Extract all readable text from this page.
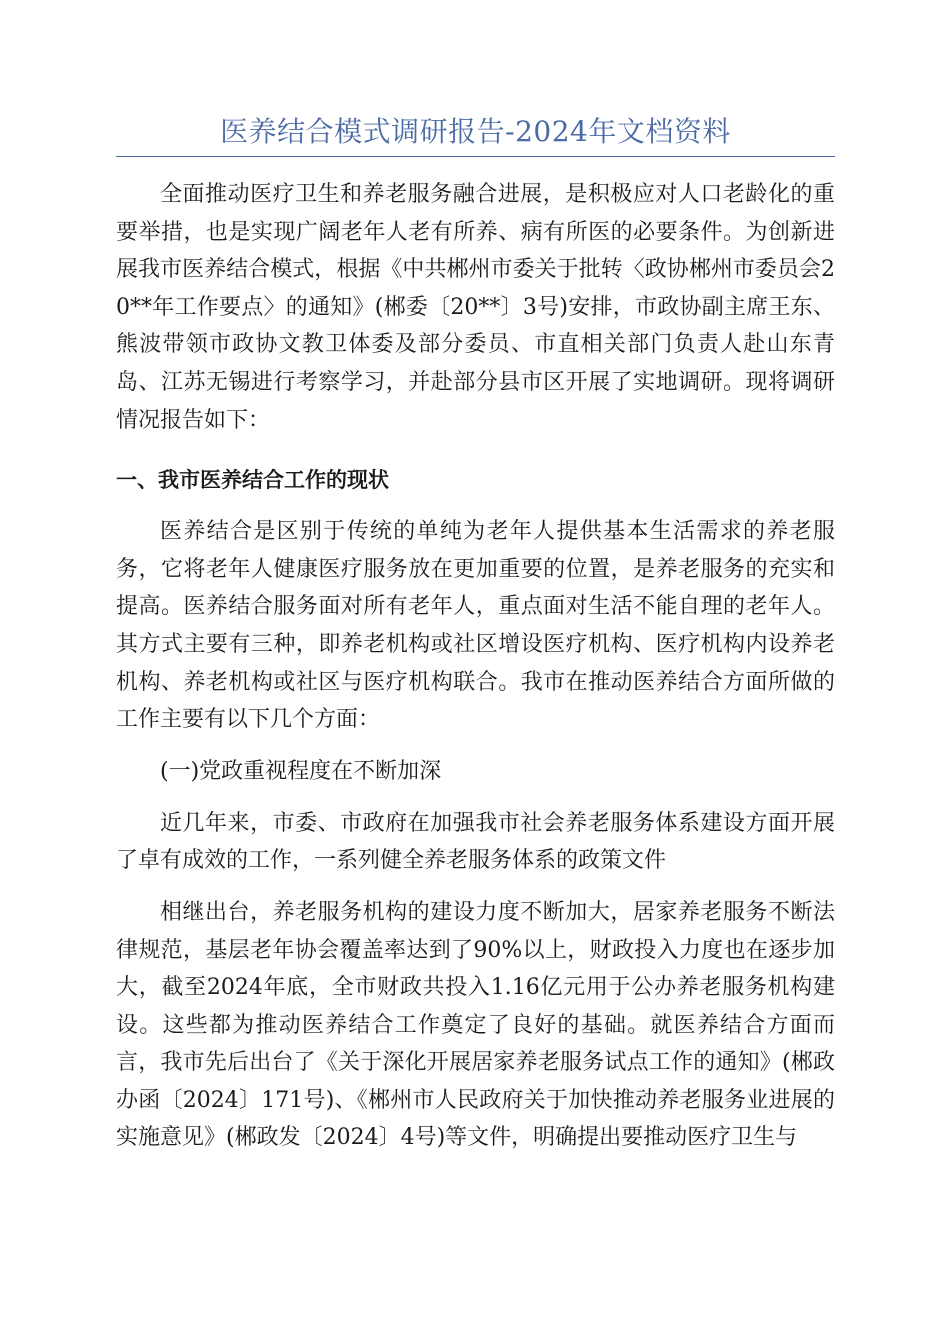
医养结合模式调研报告-2024年文档资料

全面推动医疗卫生和养老服务融合进展，是积极应对人口老龄化的重要举措，也是实现广阔老年人老有所养、病有所医的必要条件。为创新进展我市医养结合模式，根据《中共郴州市委关于批转〈政协郴州市委员会20**年工作要点〉的通知》(郴委〔20**〕3号)安排，市政协副主席王东、熊波带领市政协文教卫体委及部分委员、市直相关部门负责人赴山东青岛、江苏无锡进行考察学习，并赴部分县市区开展了实地调研。现将调研情况报告如下：

一、我市医养结合工作的现状

医养结合是区别于传统的单纯为老年人提供基本生活需求的养老服务，它将老年人健康医疗服务放在更加重要的位置，是养老服务的充实和提高。医养结合服务面对所有老年人，重点面对生活不能自理的老年人。其方式主要有三种，即养老机构或社区增设医疗机构、医疗机构内设养老机构、养老机构或社区与医疗机构联合。我市在推动医养结合方面所做的工作主要有以下几个方面：

(一)党政重视程度在不断加深

近几年来，市委、市政府在加强我市社会养老服务体系建设方面开展了卓有成效的工作，一系列健全养老服务体系的政策文件

相继出台，养老服务机构的建设力度不断加大，居家养老服务不断法律规范，基层老年协会覆盖率达到了90%以上，财政投入力度也在逐步加大，截至2024年底，全市财政共投入1.16亿元用于公办养老服务机构建设。这些都为推动医养结合工作奠定了良好的基础。就医养结合方面而言，我市先后出台了《关于深化开展居家养老服务试点工作的通知》(郴政办函〔2024〕171号)、《郴州市人民政府关于加快推动养老服务业进展的实施意见》(郴政发〔2024〕4号)等文件，明确提出要推动医疗卫生与
